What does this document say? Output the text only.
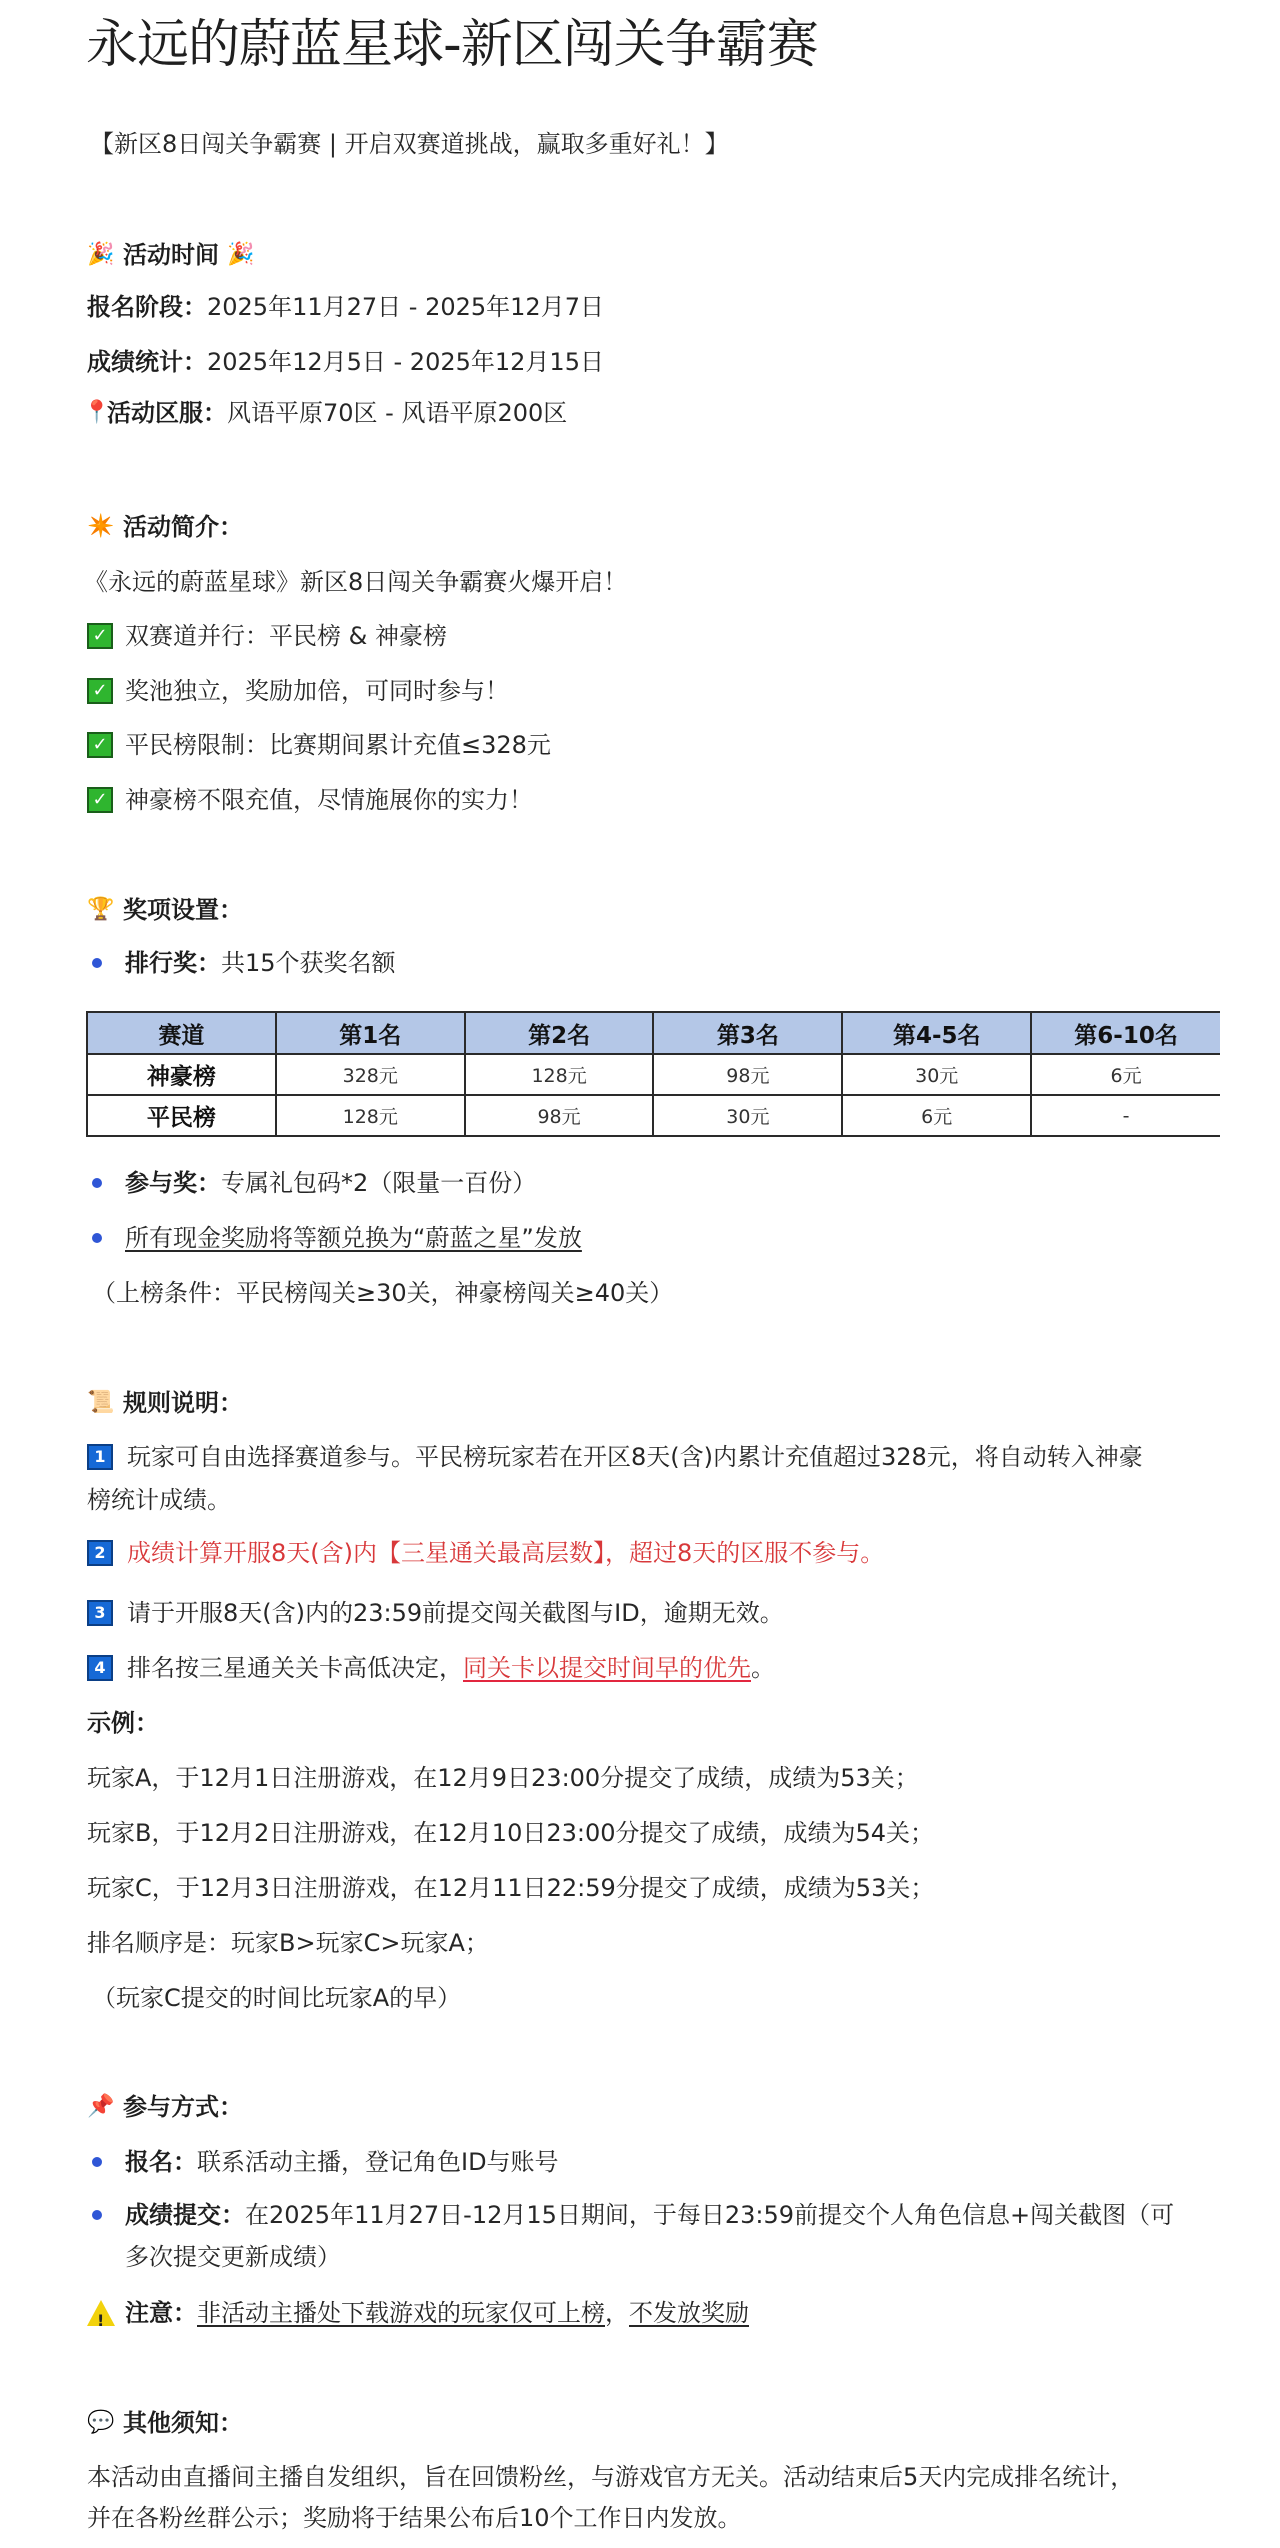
永远的蔚蓝星球-新区闯关争霸赛
【新区8日闯关争霸赛 | 开启双赛道挑战，赢取多重好礼！】
🎉 活动时间 🎉
报名阶段：2025年11月27日 - 2025年12月7日
成绩统计：2025年12月5日 - 2025年12月15日
📍
活动区服： 风语平原70区 - 风语平原200区
✴️ 活动简介：
《永远的蔚蓝星球》新区8日闯关争霸赛火爆开启！
✓ 双赛道并行：平民榜 & 神豪榜
✓ 奖池独立，奖励加倍，可同时参与！
✓ 平民榜限制：比赛期间累计充值≤328元
✓ 神豪榜不限充值，尽情施展你的实力！
🏆 奖项设置：
排行奖：共15个获奖名额
赛道	第1名	第2名	第3名	第4-5名	第6-10名
神豪榜	328元	128元	98元	30元	6元
平民榜	128元	98元	30元	6元	-
参与奖：专属礼包码*2（限量一百份）
所有现金奖励将等额兑换为“蔚蓝之星”发放
（上榜条件：平民榜闯关≥30关，神豪榜闯关≥40关）
📜 规则说明：
1 玩家可自由选择赛道参与。平民榜玩家若在开区8天(含)内累计充值超过328元，将自动转入神豪
榜统计成绩。
2 成绩计算开服8天(含)内【三星通关最高层数】，超过8天的区服不参与。
3 请于开服8天(含)内的23:59前提交闯关截图与ID，逾期无效。
4 排名按三星通关关卡高低决定， 同关卡以提交时间早的优先 。
示例：
玩家A，于12月1日注册游戏，在12月9日23:00分提交了成绩，成绩为53关；
玩家B，于12月2日注册游戏，在12月10日23:00分提交了成绩，成绩为54关；
玩家C，于12月3日注册游戏，在12月11日22:59分提交了成绩，成绩为53关；
排名顺序是：玩家B>玩家C>玩家A；
（玩家C提交的时间比玩家A的早）
📌 参与方式：
报名：联系活动主播，登记角色ID与账号
成绩提交：在2025年11月27日-12月15日期间，于每日23:59前提交个人角色信息+闯关截图（可
多次提交更新成绩）
!
注意： 非活动主播处下载游戏的玩家仅可上榜 ， 不发放奖励
💬 其他须知：
本活动由直播间主播自发组织，旨在回馈粉丝，与游戏官方无关。活动结束后5天内完成排名统计，
并在各粉丝群公示；奖励将于结果公布后10个工作日内发放。
